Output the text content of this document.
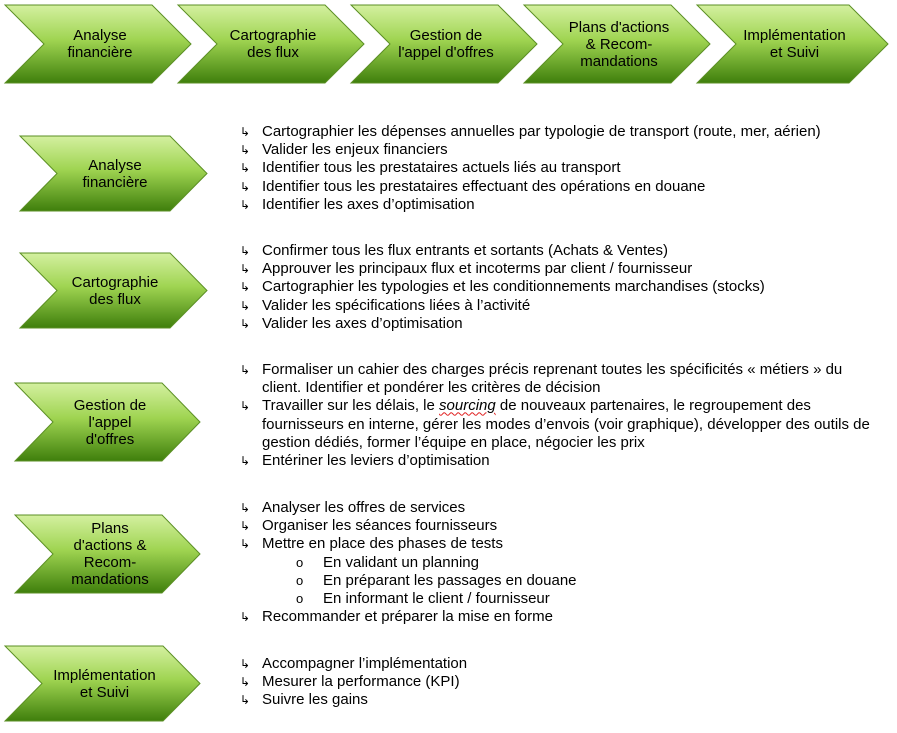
Analyse
financière
Cartographie
des flux
Gestion de
l'appel d'offres
Plans d'actions
& Recom-
mandations
Implémentation
et Suivi
Analyse
financière
Cartographie
des flux
Gestion de
l'appel
d'offres
Plans
d'actions &
Recom-
mandations
Implémentation
et Suivi
↳ Cartographier les dépenses annuelles par typologie de transport (route, mer, aérien)
↳ Valider les enjeux financiers
↳ Identifier tous les prestataires actuels liés au transport
↳ Identifier tous les prestataires effectuant des opérations en douane
↳ Identifier les axes d’optimisation
↳ Confirmer tous les flux entrants et sortants (Achats & Ventes)
↳ Approuver les principaux flux et incoterms par client / fournisseur
↳ Cartographier les typologies et les conditionnements marchandises (stocks)
↳ Valider les spécifications liées à l’activité
↳ Valider les axes d’optimisation
↳ Formaliser un cahier des charges précis reprenant toutes les spécificités « métiers » du client. Identifier et pondérer les critères de décision
↳ Travailler sur les délais, le sourcing de nouveaux partenaires, le regroupement des fournisseurs en interne, gérer les modes d’envois (voir graphique), développer des outils de gestion dédiés, former l’équipe en place, négocier les prix
↳ Entériner les leviers d’optimisation
↳ Analyser les offres de services
↳ Organiser les séances fournisseurs
↳ Mettre en place des phases de tests
o En validant un planning
o En préparant les passages en douane
o En informant le client / fournisseur
↳ Recommander et préparer la mise en forme
↳ Accompagner l’implémentation
↳ Mesurer la performance (KPI)
↳ Suivre les gains
